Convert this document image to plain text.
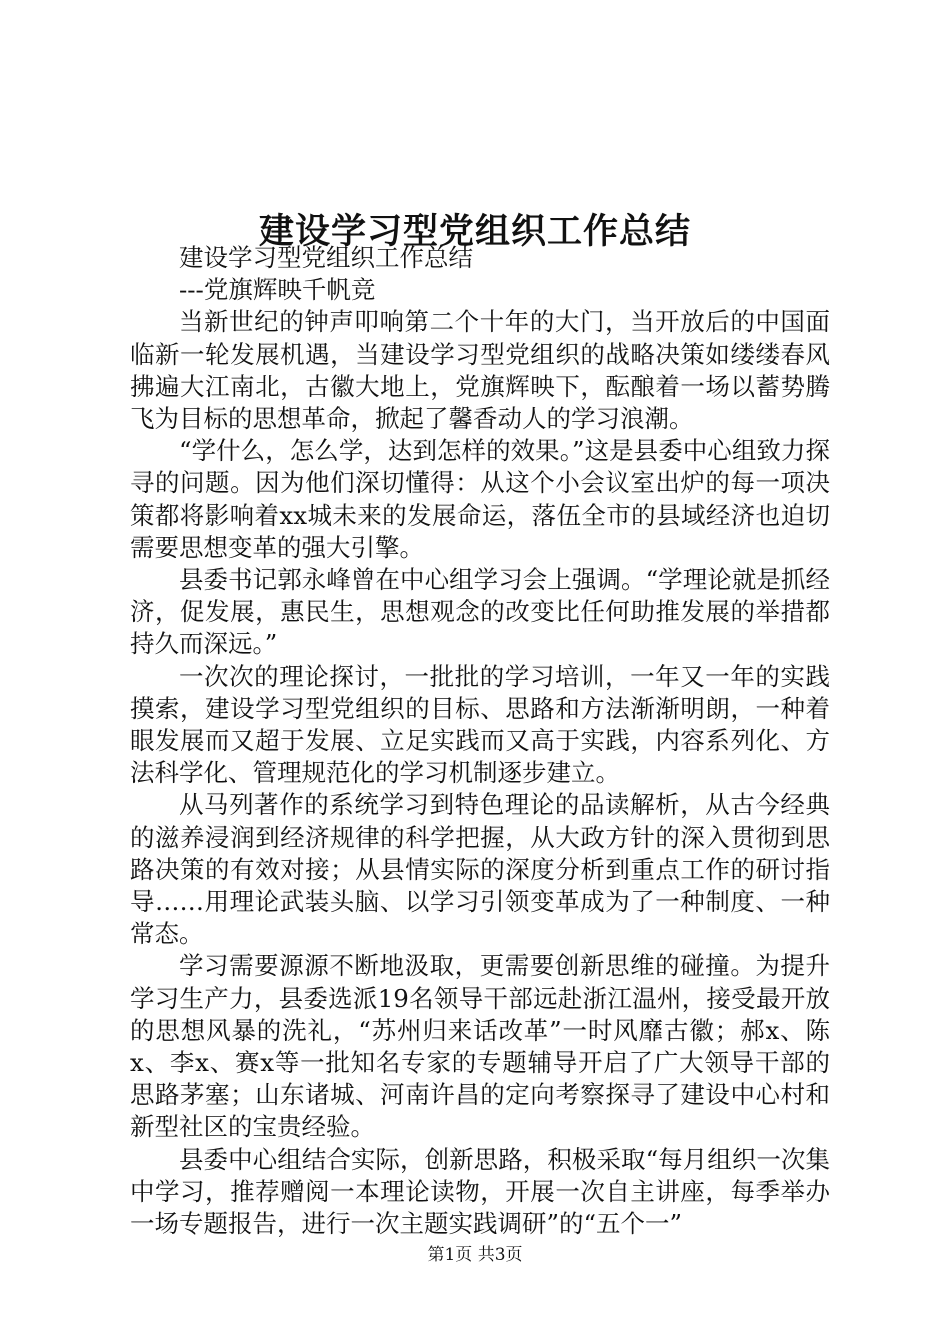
建设学习型党组织工作总结

建设学习型党组织工作总结

---党旗辉映千帆竞

当新世纪的钟声叩响第二个十年的大门，当开放后的中国面临新一轮发展机遇，当建设学习型党组织的战略决策如缕缕春风拂遍大江南北，古徽大地上，党旗辉映下，酝酿着一场以蓄势腾飞为目标的思想革命，掀起了馨香动人的学习浪潮。

“学什么，怎么学，达到怎样的效果。”这是县委中心组致力探寻的问题。因为他们深切懂得：从这个小会议室出炉的每一项决策都将影响着xx城未来的发展命运，落伍全市的县域经济也迫切需要思想变革的强大引擎。

县委书记郭永峰曾在中心组学习会上强调。“学理论就是抓经济，促发展，惠民生，思想观念的改变比任何助推发展的举措都持久而深远。”

一次次的理论探讨，一批批的学习培训，一年又一年的实践摸索，建设学习型党组织的目标、思路和方法渐渐明朗，一种着眼发展而又超于发展、立足实践而又高于实践，内容系列化、方法科学化、管理规范化的学习机制逐步建立。

从马列著作的系统学习到特色理论的品读解析，从古今经典的滋养浸润到经济规律的科学把握，从大政方针的深入贯彻到思路决策的有效对接；从县情实际的深度分析到重点工作的研讨指导……用理论武装头脑、以学习引领变革成为了一种制度、一种常态。

学习需要源源不断地汲取，更需要创新思维的碰撞。为提升学习生产力，县委选派19名领导干部远赴浙江温州，接受最开放的思想风暴的洗礼，“苏州归来话改革”一时风靡古徽；郝x、陈x、李x、赛x等一批知名专家的专题辅导开启了广大领导干部的思路茅塞；山东诸城、河南许昌的定向考察探寻了建设中心村和新型社区的宝贵经验。

县委中心组结合实际，创新思路，积极采取“每月组织一次集中学习，推荐赠阅一本理论读物，开展一次自主讲座，每季举办一场专题报告，进行一次主题实践调研”的“五个一”

第1页 共3页
